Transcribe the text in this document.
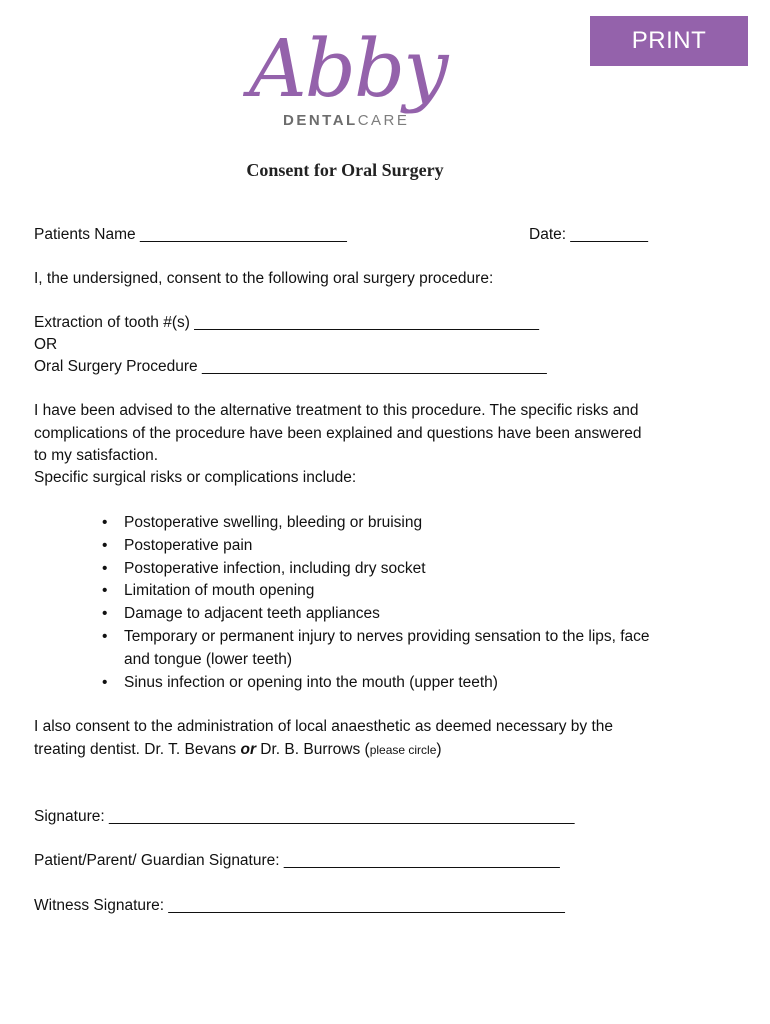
PRINT
Abby
DENTALCARE
Consent for Oral Surgery
Patients Name ________________________	Date: _________
I, the undersigned, consent to the following oral surgery procedure:
Extraction of tooth #(s) ________________________________________
OR
Oral Surgery Procedure ________________________________________
I have been advised to the alternative treatment to this procedure. The specific risks and complications of the procedure have been explained and questions have been answered to my satisfaction.
Specific surgical risks or complications include:
• Postoperative swelling, bleeding or bruising
• Postoperative pain
• Postoperative infection, including dry socket
• Limitation of mouth opening
• Damage to adjacent teeth appliances
• Temporary or permanent injury to nerves providing sensation to the lips, face and tongue (lower teeth)
• Sinus infection or opening into the mouth (upper teeth)
I also consent to the administration of local anaesthetic as deemed necessary by the treating dentist. Dr. T. Bevans or Dr. B. Burrows (please circle)
Signature: ______________________________________________________
Patient/Parent/ Guardian Signature: ________________________________
Witness Signature: ______________________________________________
